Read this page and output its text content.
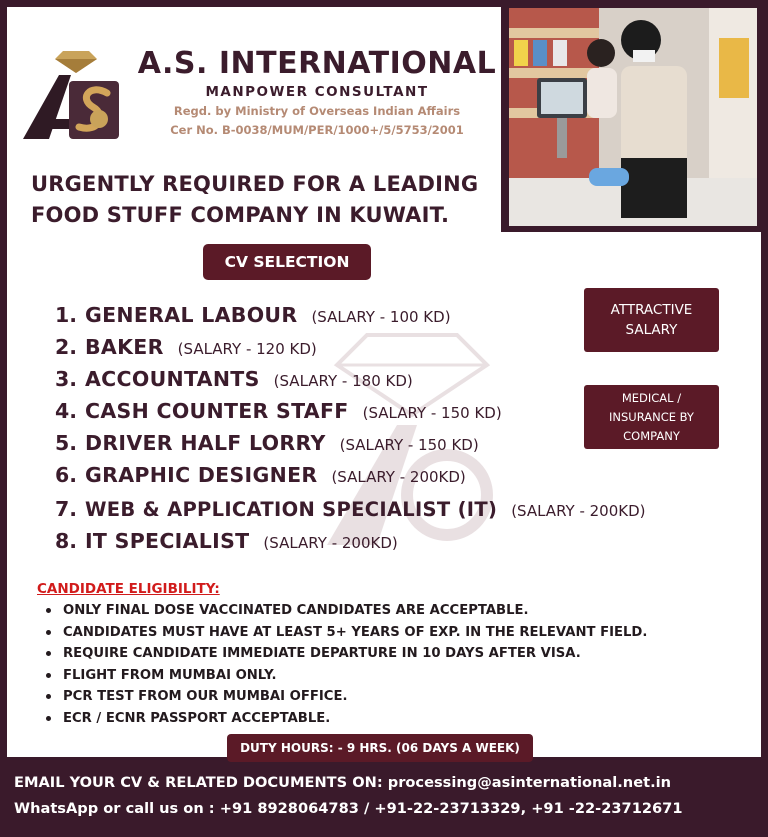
A.S. INTERNATIONAL
MANPOWER CONSULTANT
Regd. by Ministry of Overseas Indian Affairs
Cer No. B-0038/MUM/PER/1000+/5/5753/2001
URGENTLY REQUIRED FOR A LEADING
FOOD STUFF COMPANY IN KUWAIT.
CV SELECTION
1. GENERAL LABOUR (SALARY - 100 KD)
2. BAKER (SALARY - 120 KD)
3. ACCOUNTANTS (SALARY - 180 KD)
4. CASH COUNTER STAFF (SALARY - 150 KD)
5. DRIVER HALF LORRY (SALARY - 150 KD)
6. GRAPHIC DESIGNER (SALARY - 200KD)
7. WEB & APPLICATION SPECIALIST (IT) (SALARY - 200KD)
8. IT SPECIALIST (SALARY - 200KD)
ATTRACTIVE
SALARY
MEDICAL /
INSURANCE BY
COMPANY
CANDIDATE ELIGIBILITY:
ONLY FINAL DOSE VACCINATED CANDIDATES ARE ACCEPTABLE.
CANDIDATES MUST HAVE AT LEAST 5+ YEARS OF EXP. IN THE RELEVANT FIELD.
REQUIRE CANDIDATE IMMEDIATE DEPARTURE IN 10 DAYS AFTER VISA.
FLIGHT FROM MUMBAI ONLY.
PCR TEST FROM OUR MUMBAI OFFICE.
ECR / ECNR PASSPORT ACCEPTABLE.
DUTY HOURS: - 9 HRS. (06 DAYS A WEEK)
EMAIL YOUR CV & RELATED DOCUMENTS ON: processing@asinternational.net.in
WhatsApp or call us on : +91 8928064783 / +91-22-23713329, +91 -22-23712671
